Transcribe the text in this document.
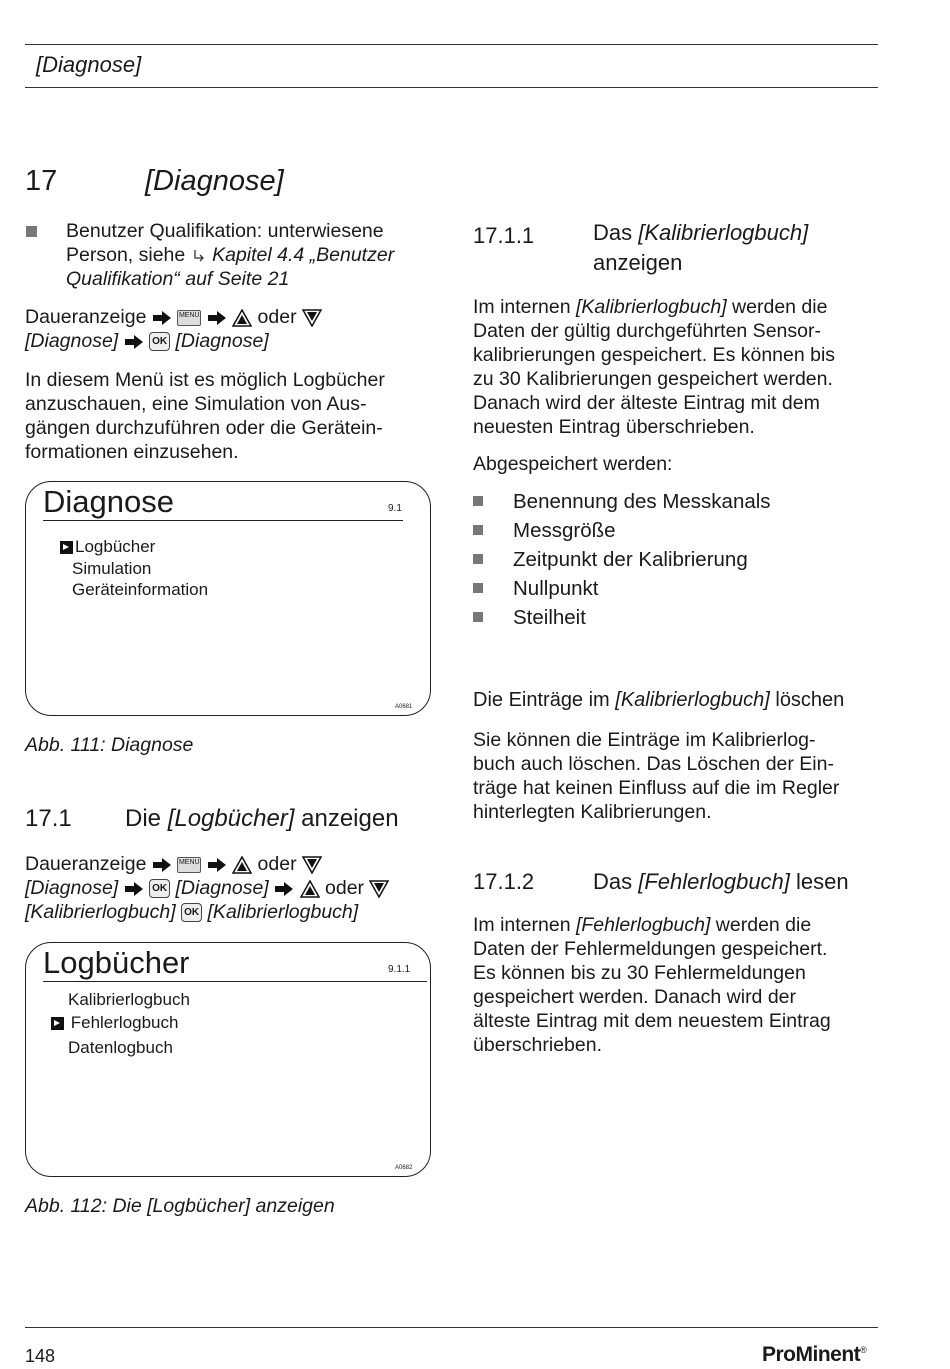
[Diagnose]
17	[Diagnose]
Benutzer Qualifikation: unterwiesene
Person, siehe  Kapitel 4.4 „Benutzer
Qualifikation“ auf Seite 21
Daueranzeige	MENU	oder
[Diagnose]	OK [Diagnose]
In diesem Menü ist es möglich Logbücher
anzuschauen, eine Simulation von Aus-
gängen durchzuführen oder die Gerätein-
formationen einzusehen.
Diagnose	9.1
Logbücher
Simulation
Geräteinformation
A0681
Abb. 111: Diagnose
17.1 Die [Logbücher] anzeigen
Daueranzeige	MENU	oder
[Diagnose]	OK [Diagnose]	oder
[Kalibrierlogbuch] OK [Kalibrierlogbuch]
Logbücher	9.1.1
Kalibrierlogbuch
Fehlerlogbuch
Datenlogbuch
A0682
Abb. 112: Die [Logbücher] anzeigen
17.1.1	Das [Kalibrierlogbuch]
anzeigen
Im internen [Kalibrierlogbuch] werden die
Daten der gültig durchgeführten Sensor-
kalibrierungen gespeichert. Es können bis
zu 30 Kalibrierungen gespeichert werden.
Danach wird der älteste Eintrag mit dem
neuesten Eintrag überschrieben.
Abgespeichert werden:
Benennung des Messkanals
Messgröße
Zeitpunkt der Kalibrierung
Nullpunkt
Steilheit
Die Einträge im [Kalibrierlogbuch] löschen
Sie können die Einträge im Kalibrierlog-
buch auch löschen. Das Löschen der Ein-
träge hat keinen Einfluss auf die im Regler
hinterlegten Kalibrierungen.
17.1.2	Das [Fehlerlogbuch] lesen
Im internen [Fehlerlogbuch] werden die
Daten der Fehlermeldungen gespeichert.
Es können bis zu 30 Fehlermeldungen
gespeichert werden. Danach wird der
älteste Eintrag mit dem neuestem Eintrag
überschrieben.
148	ProMinent®
